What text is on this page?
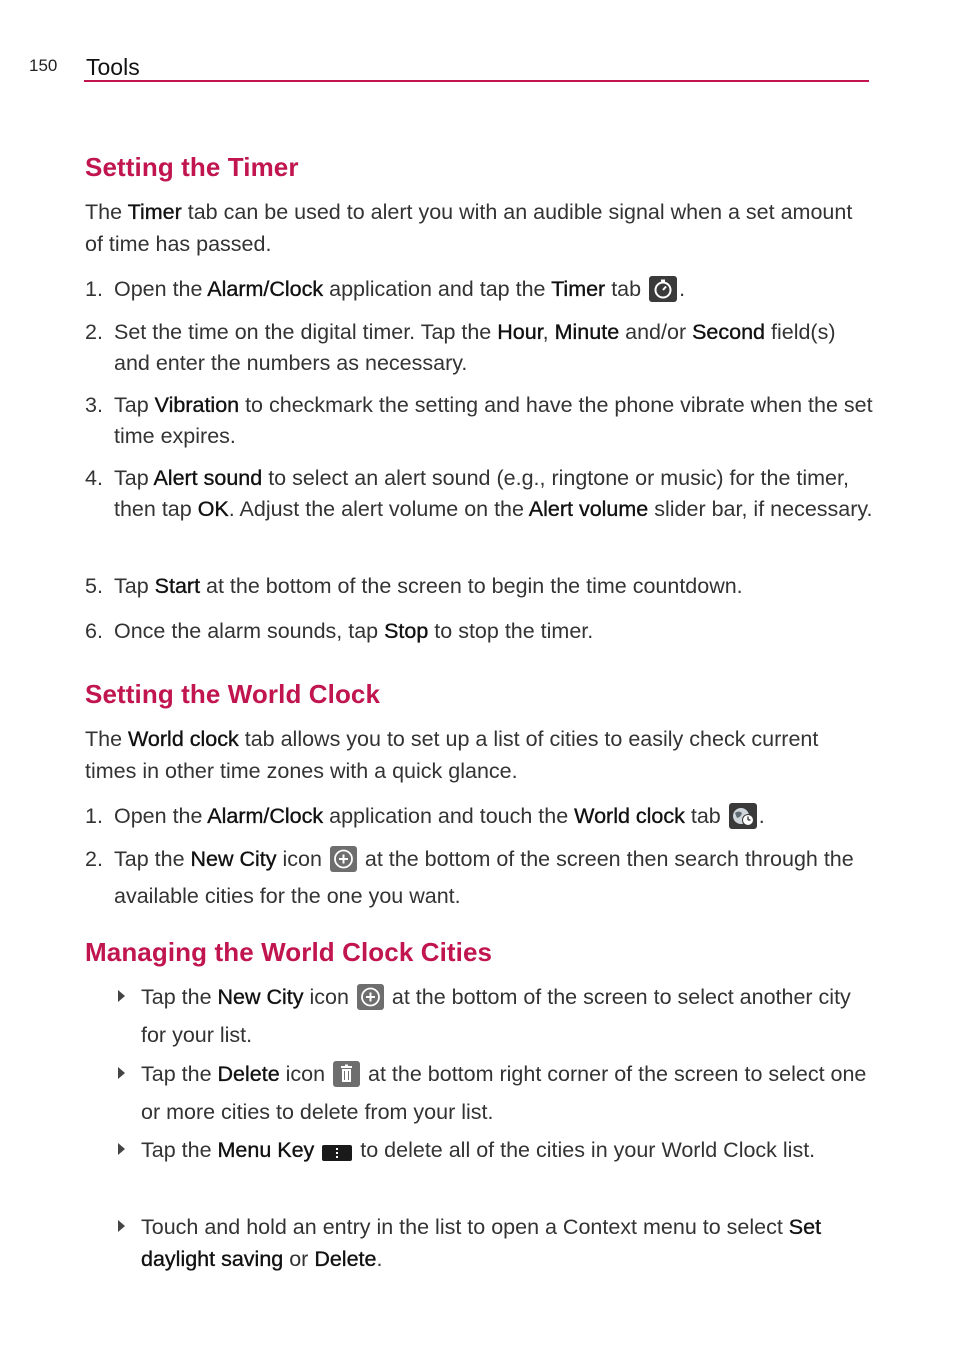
150 Tools
Setting the Timer
The Timer tab can be used to alert you with an audible signal when a set amount of time has passed.
1. Open the Alarm/Clock application and tap the Timer tab .
2. Set the time on the digital timer. Tap the Hour, Minute and/or Second field(s) and enter the numbers as necessary.
3. Tap Vibration to checkmark the setting and have the phone vibrate when the set time expires.
4. Tap Alert sound to select an alert sound (e.g., ringtone or music) for the timer, then tap OK. Adjust the alert volume on the Alert volume slider bar, if necessary.
5. Tap Start at the bottom of the screen to begin the time countdown.
6. Once the alarm sounds, tap Stop to stop the timer.
Setting the World Clock
The World clock tab allows you to set up a list of cities to easily check current times in other time zones with a quick glance.
1. Open the Alarm/Clock application and touch the World clock tab .
2. Tap the New City icon  at the bottom of the screen then search through the available cities for the one you want.
Managing the World Clock Cities
Tap the New City icon  at the bottom of the screen to select another city for your list.
Tap the Delete icon  at the bottom right corner of the screen to select one or more cities to delete from your list.
Tap the Menu Key  to delete all of the cities in your World Clock list.
Touch and hold an entry in the list to open a Context menu to select Set daylight saving or Delete.
